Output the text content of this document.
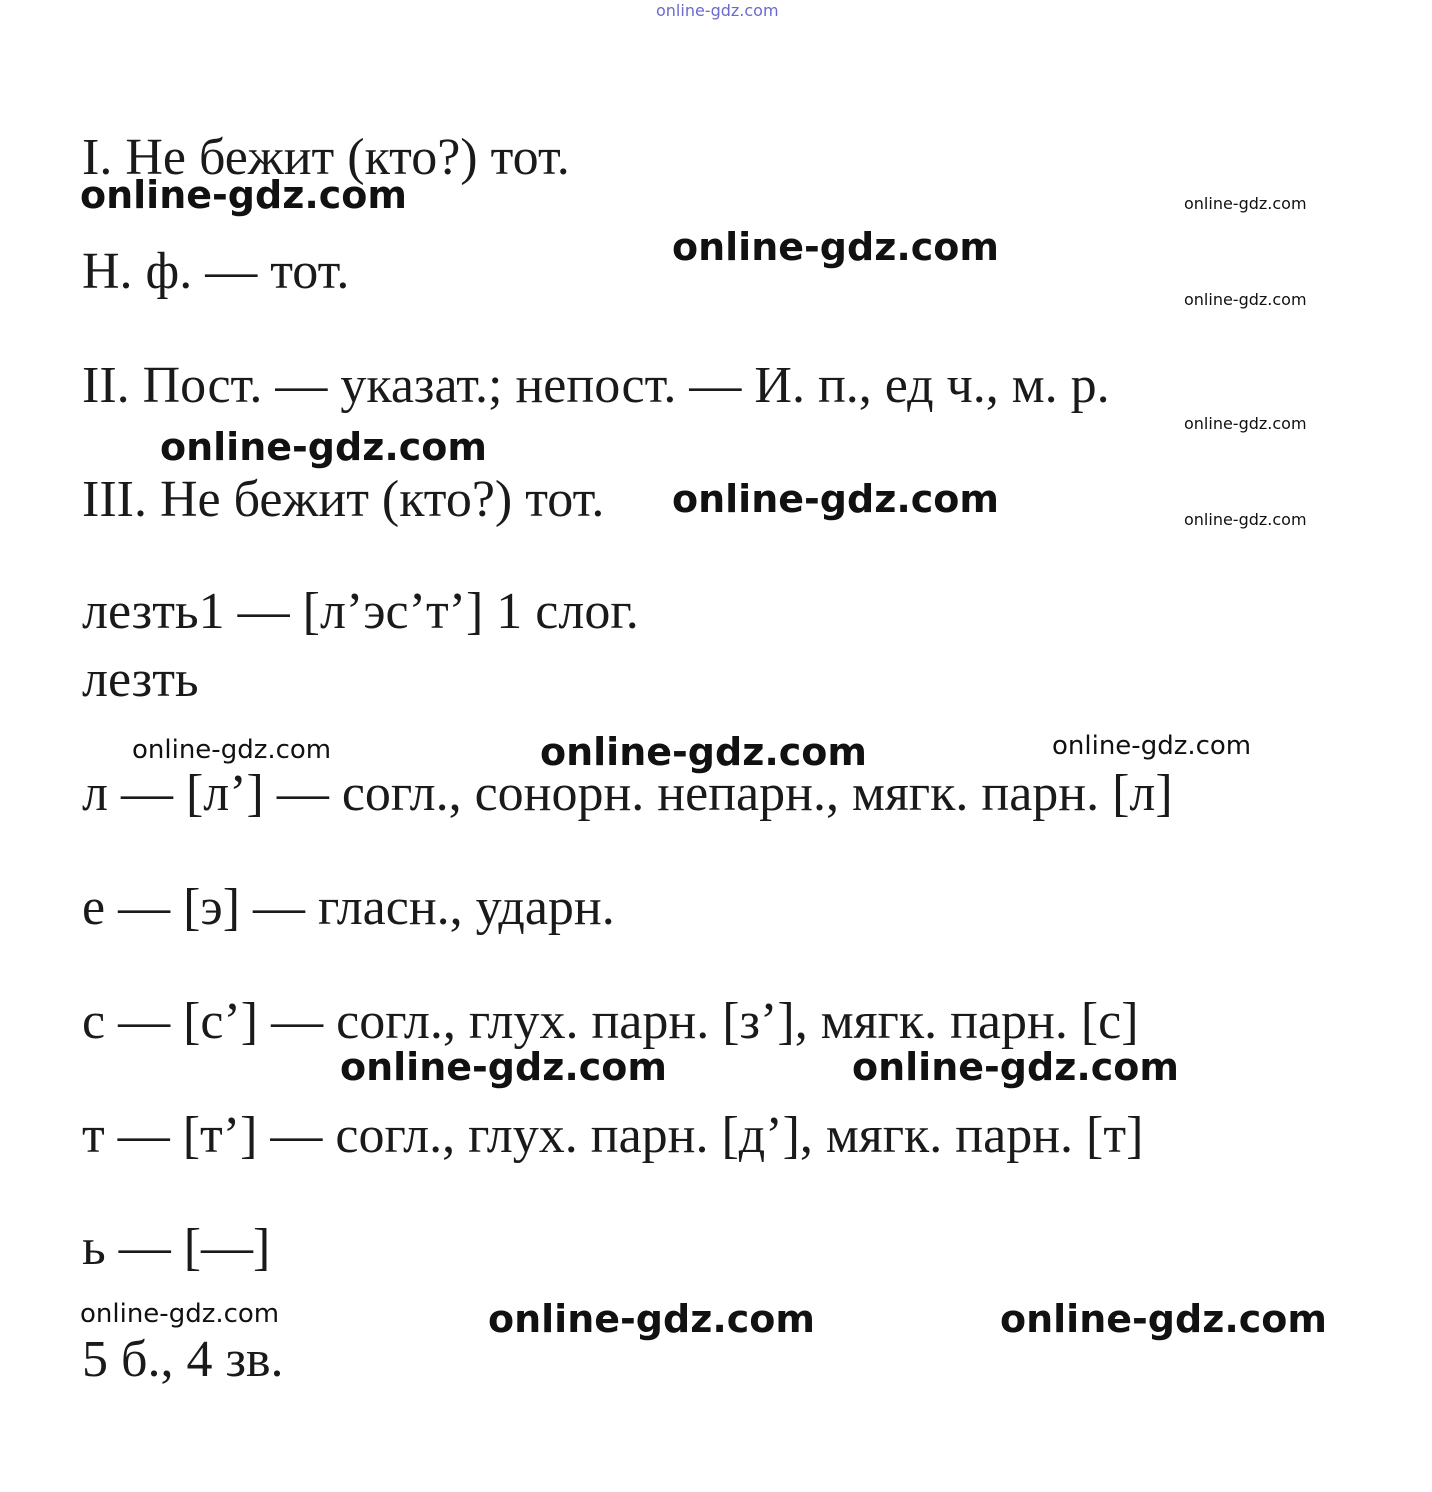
online-gdz.com
I. Не бежит (кто?) тот.
Н. ф. — тот.
II. Пост. — указат.; непост. — И. п., ед ч., м. р.
III. Не бежит (кто?) тот.
лезть1 — [л’эс’т’] 1 слог.
лезть
л — [л’] — согл., сонорн. непарн., мягк. парн. [л]
е — [э] — гласн., ударн.
с — [с’] — согл., глух. парн. [з’], мягк. парн. [с]
т — [т’] — согл., глух. парн. [д’], мягк. парн. [т]
ь — [—]
5 б., 4 зв.
online-gdz.com	online-gdz.com
online-gdz.com
online-gdz.com
online-gdz.com
online-gdz.com
online-gdz.com	online-gdz.com
online-gdz.com	online-gdz.com	online-gdz.com
online-gdz.com	online-gdz.com
online-gdz.com	online-gdz.com	online-gdz.com
